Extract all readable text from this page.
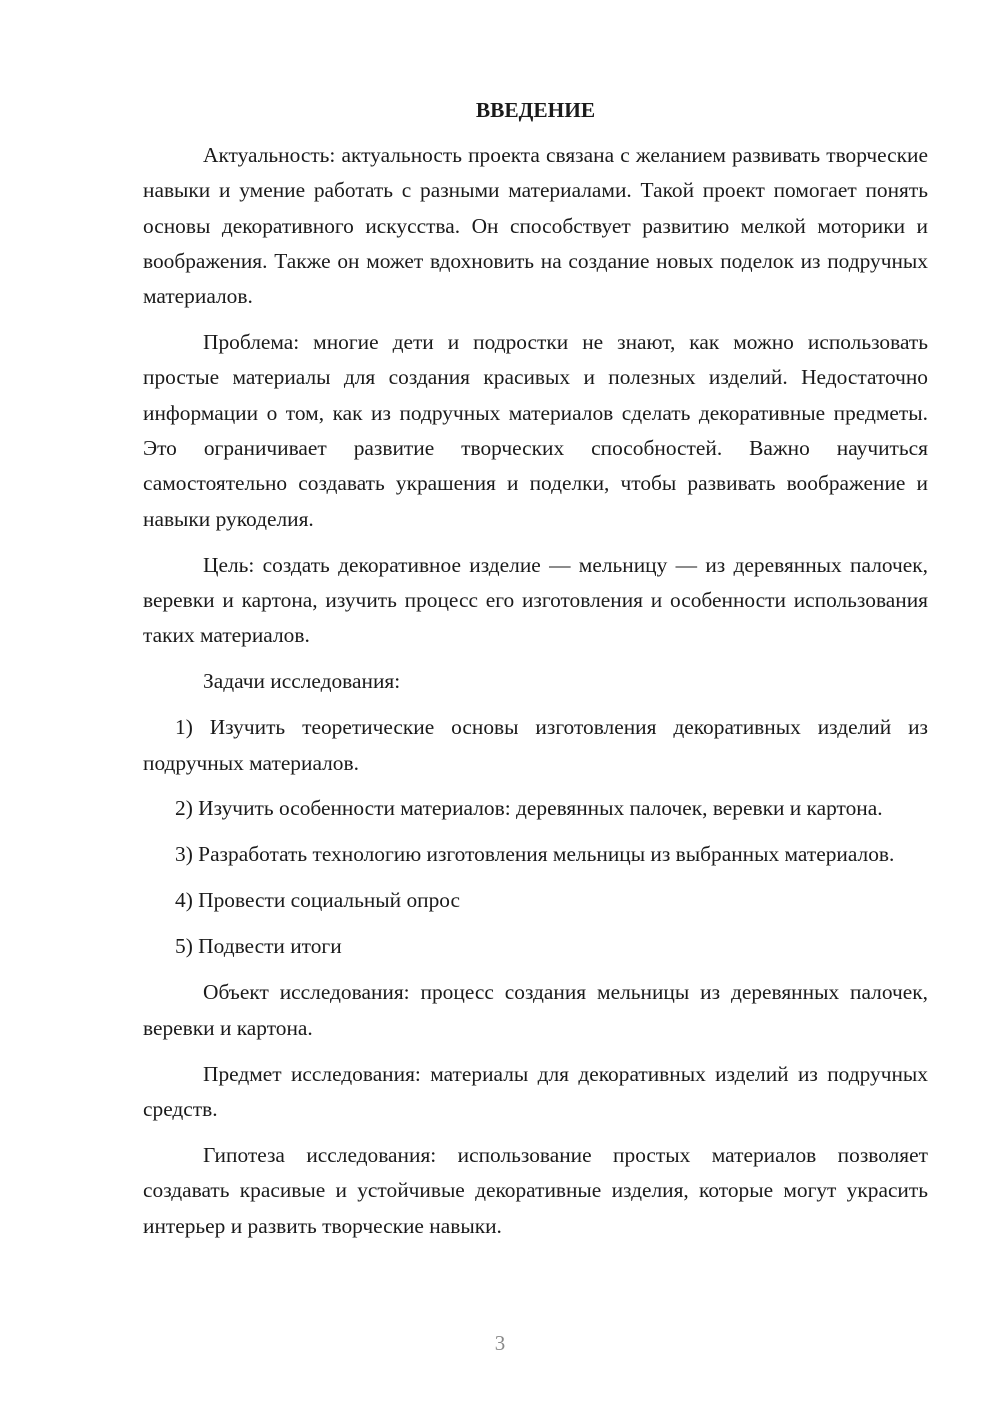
ВВЕДЕНИЕ

Актуальность: актуальность проекта связана с желанием развивать творческие навыки и умение работать с разными материалами. Такой проект помогает понять основы декоративного искусства. Он способствует развитию мелкой моторики и воображения. Также он может вдохновить на создание новых поделок из подручных материалов.

Проблема: многие дети и подростки не знают, как можно использовать простые материалы для создания красивых и полезных изделий. Недостаточно информации о том, как из подручных материалов сделать декоративные предметы. Это ограничивает развитие творческих способностей. Важно научиться самостоятельно создавать украшения и поделки, чтобы развивать воображение и навыки рукоделия.

Цель: создать декоративное изделие — мельницу — из деревянных палочек, веревки и картона, изучить процесс его изготовления и особенности использования таких материалов.

Задачи исследования:

1) Изучить теоретические основы изготовления декоративных изделий из подручных материалов.

2) Изучить особенности материалов: деревянных палочек, веревки и картона.

3) Разработать технологию изготовления мельницы из выбранных материалов.

4) Провести социальный опрос

5) Подвести итоги

Объект исследования: процесс создания мельницы из деревянных палочек, веревки и картона.

Предмет исследования: материалы для декоративных изделий из подручных средств.

Гипотеза исследования: использование простых материалов позволяет создавать красивые и устойчивые декоративные изделия, которые могут украсить интерьер и развить творческие навыки.

3
